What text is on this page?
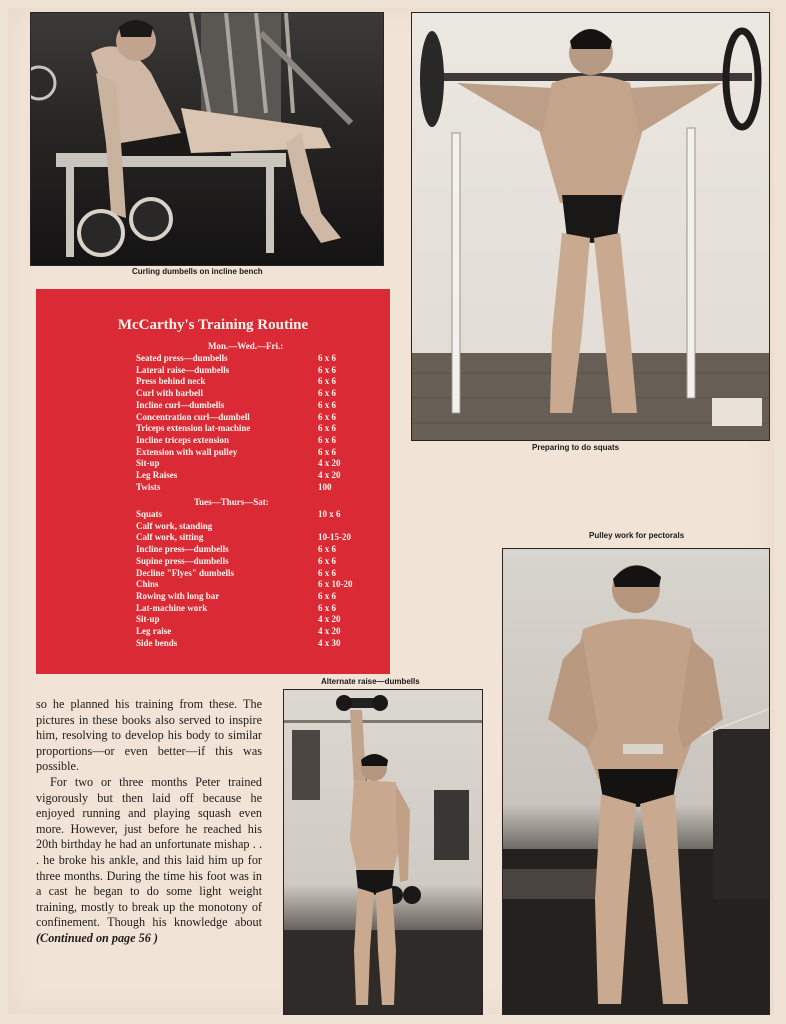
Curling dumbells on incline bench
Preparing to do squats
McCarthy's Training Routine
Mon.—Wed.—Fri.:
Seated press—dumbells	6 x 6
Lateral raise—dumbells	6 x 6
Press behind neck	6 x 6
Curl with barbell	6 x 6
Incline curl—dumbells	6 x 6
Concentration curl—dumbell	6 x 6
Triceps extension lat-machine	6 x 6
Incline triceps extension	6 x 6
Extension with wall pulley	6 x 6
Sit-up	4 x 20
Leg Raises	4 x 20
Twists	100
Tues—Thurs—Sat:
Squats	10 x 6
Calf work, standing
Calf work, sitting	10-15-20
Incline press—dumbells	6 x 6
Supine press—dumbells	6 x 6
Decline "Flyes" dumbells	6 x 6
Chins	6 x 10-20
Rowing with long bar	6 x 6
Lat-machine work	6 x 6
Sit-up	4 x 20
Leg raise	4 x 20
Side bends	4 x 30

so he planned his training from these. The pictures in these books also served to inspire him, resolving to develop his body to similar proportions—or even better—if this was possible.

For two or three months Peter trained vigorously but then laid off because he enjoyed running and playing squash even more. However, just before he reached his 20th birthday he had an unfortunate mishap . . . he broke his ankle, and this laid him up for three months. During the time his foot was in a cast he began to do some light weight training, mostly to break up the monotony of confinement. Though his knowledge about (Continued on page 56 )

Alternate raise—dumbells
Pulley work for pectorals
